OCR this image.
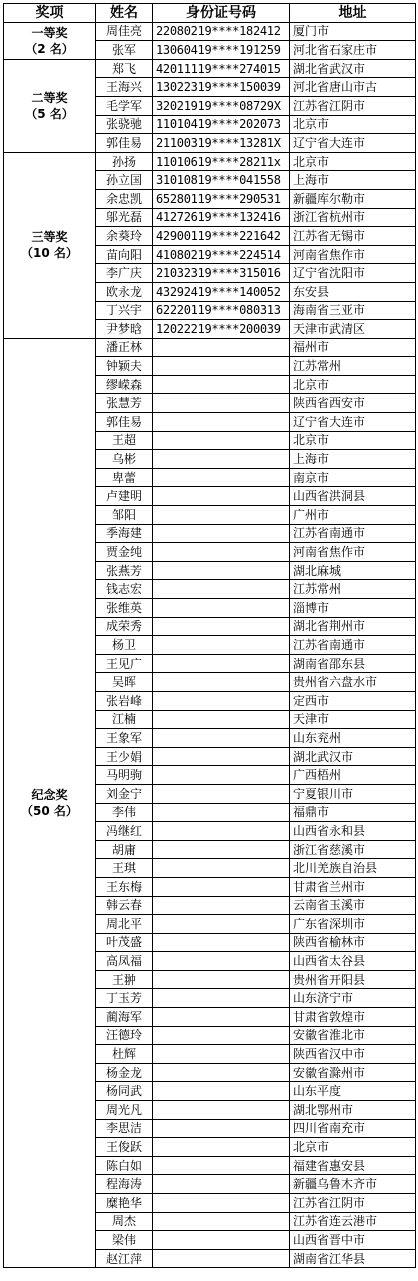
奖项	姓名	身份证号码	地址

一等奖
（2 名）	周佳亮	22080219****182412	厦门市
	张军	13060419****191259	河北省石家庄市

二等奖
（5 名）	郑飞	42011119****274015	湖北省武汉市
	王海兴	13022319****150039	河北省唐山市古
	毛学军	32021919****08729X	江苏省江阴市
	张骁驰	11010419****202073	北京市
	郭佳易	21100319****13281X	辽宁省大连市

三等奖
（10 名）	孙扬	11010619****28211x	北京市
	孙立国	31010819****041558	上海市
	余忠凯	65280119****290531	新疆库尔勒市
	邬光磊	41272619****132416	浙江省杭州市
	余葵玲	42900119****221642	江苏省无锡市
	苗向阳	41080219****224514	河南省焦作市
	李广庆	21032319****315016	辽宁省沈阳市
	欧永龙	43292419****140052	东安县
	丁兴宇	62220119****080313	海南省三亚市
	尹梦晗	12022219****200039	天津市武清区

纪念奖
（50 名）	潘正林		福州市
	钟颖夫		江苏常州
	缪嵘森		北京市
	张慧芳		陕西省西安市
	郭佳易		辽宁省大连市
	王超		北京市
	乌彬		上海市
	卑蕾		南京市
	卢建明		山西省洪洞县
	邹阳		广州市
	季海建		江苏省南通市
	贾金纯		河南省焦作市
	张燕芳		湖北麻城
	钱志宏		江苏常州
	张维英		淄博市
	成荣秀		湖北省荆州市
	杨卫		江苏省南通市
	王见广		湖南省邵东县
	吴晖		贵州省六盘水市
	张岩峰		定西市
	江楠		天津市
	王象军		山东兖州
	王少娟		湖北武汉市
	马明驹		广西梧州
	刘金宁		宁夏银川市
	李伟		福鼎市
	冯继红		山西省永和县
	胡庸		浙江省慈溪市
	王琪		北川羌族自治县
	王东梅		甘肃省兰州市
	韩云春		云南省玉溪市
	周北平		广东省深圳市
	叶茂盛		陕西省榆林市
	高凤福		山西省太谷县
	王翀		贵州省开阳县
	丁玉芳		山东济宁市
	蔺海军		甘肃省敦煌市
	汪德玲		安徽省淮北市
	杜辉		陕西省汉中市
	杨金龙		安徽省滁州市
	杨同武		山东平度
	周光凡		湖北鄂州市
	李思洁		四川省南充市
	王俊跃		北京市
	陈白如		福建省惠安县
	程海涛		新疆乌鲁木齐市
	糜艳华		江苏省江阴市
	周杰		江苏省连云港市
	梁伟		山西省晋中市
	赵江萍		湖南省江华县
